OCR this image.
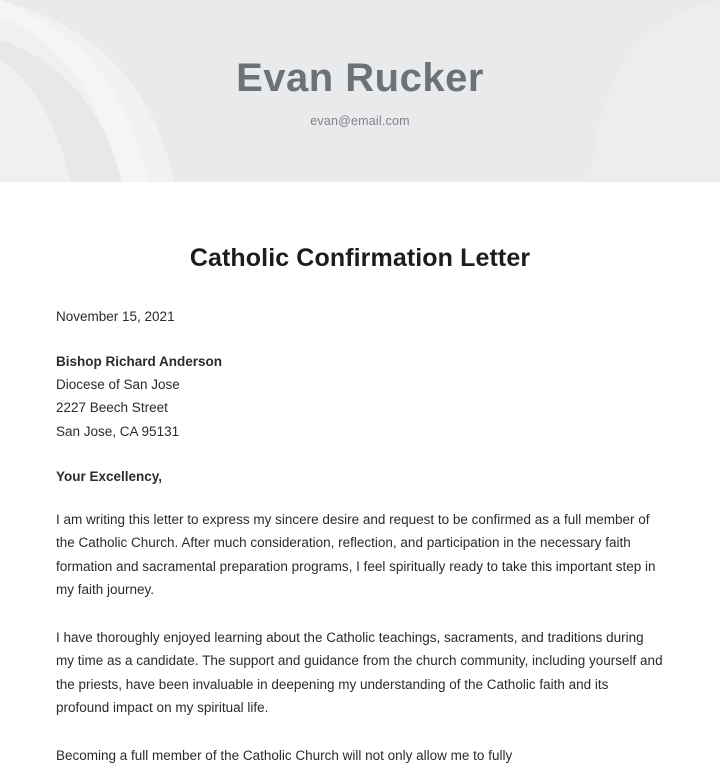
Evan Rucker
evan@email.com
Catholic Confirmation Letter
November 15, 2021
Bishop Richard Anderson
Diocese of San Jose
2227 Beech Street
San Jose, CA 95131
Your Excellency,

I am writing this letter to express my sincere desire and request to be confirmed as a full member of the Catholic Church. After much consideration, reflection, and participation in the necessary faith formation and sacramental preparation programs, I feel spiritually ready to take this important step in my faith journey.

I have thoroughly enjoyed learning about the Catholic teachings, sacraments, and traditions during my time as a candidate. The support and guidance from the church community, including yourself and the priests, have been invaluable in deepening my understanding of the Catholic faith and its profound impact on my spiritual life.

Becoming a full member of the Catholic Church will not only allow me to fully
